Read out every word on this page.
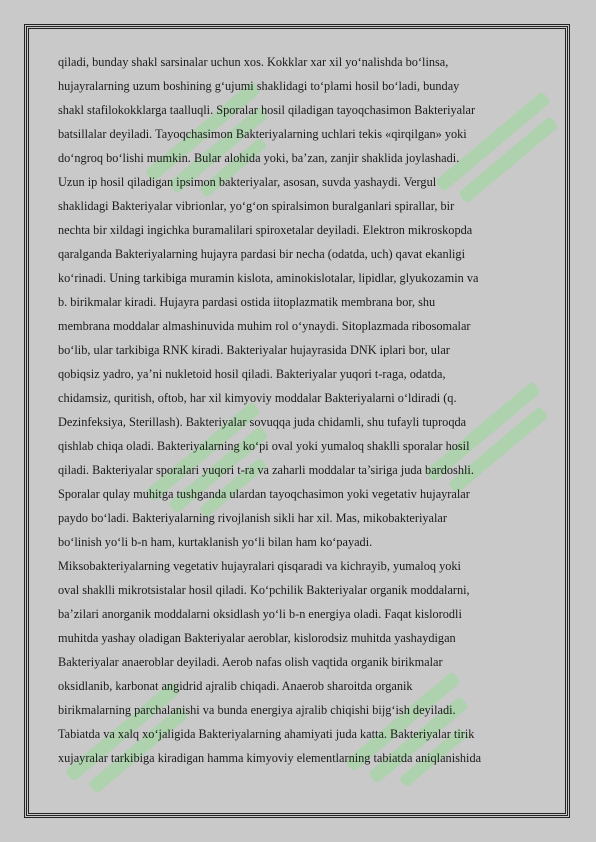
qiladi, bunday shakl sarsinalar uchun xos. Kokklar xar xil yo‘nalishda bo‘linsa,
hujayralarning uzum boshining g‘ujumi shaklidagi to‘plami hosil bo‘ladi, bunday
shakl stafilokokklarga taalluqli. Sporalar hosil qiladigan tayoqchasimon Bakteriyalar
batsillalar deyiladi. Tayoqchasimon Bakteriyalarning uchlari tekis «qirqilgan» yoki
do‘ngroq bo‘lishi mumkin. Bular alohida yoki, ba’zan, zanjir shaklida joylashadi.
Uzun ip hosil qiladigan ipsimon bakteriyalar, asosan, suvda yashaydi. Vergul
shaklidagi Bakteriyalar vibrionlar, yo‘g‘on spiralsimon buralganlari spirallar, bir
nechta bir xildagi ingichka buramalilari spiroxetalar deyiladi. Elektron mikroskopda
qaralganda Bakteriyalarning hujayra pardasi bir necha (odatda, uch) qavat ekanligi
ko‘rinadi. Uning tarkibiga muramin kislota, aminokislotalar, lipidlar, glyukozamin va
b. birikmalar kiradi. Hujayra pardasi ostida iitoplazmatik membrana bor, shu
membrana moddalar almashinuvida muhim rol o‘ynaydi. Sitoplazmada ribosomalar
bo‘lib, ular tarkibiga RNK kiradi. Bakteriyalar hujayrasida DNK iplari bor, ular
qobiqsiz yadro, ya’ni nukletoid hosil qiladi. Bakteriyalar yuqori t-raga, odatda,
chidamsiz, quritish, oftob, har xil kimyoviy moddalar Bakteriyalarni o‘ldiradi (q.
Dezinfeksiya, Sterillash). Bakteriyalar sovuqqa juda chidamli, shu tufayli tuproqda
qishlab chiqa oladi. Bakteriyalarning ko‘pi oval yoki yumaloq shaklli sporalar hosil
qiladi. Bakteriyalar sporalari yuqori t-ra va zaharli moddalar ta’siriga juda bardoshli.
Sporalar qulay muhitga tushganda ulardan tayoqchasimon yoki vegetativ hujayralar
paydo bo‘ladi. Bakteriyalarning rivojlanish sikli har xil. Mas, mikobakteriyalar
bo‘linish yo‘li b-n ham, kurtaklanish yo‘li bilan ham ko‘payadi.
Miksobakteriyalarning vegetativ hujayralari qisqaradi va kichrayib, yumaloq yoki
oval shaklli mikrotsistalar hosil qiladi. Ko‘pchilik Bakteriyalar organik moddalarni,
ba’zilari anorganik moddalarni oksidlash yo‘li b-n energiya oladi. Faqat kislorodli
muhitda yashay oladigan Bakteriyalar aeroblar, kislorodsiz muhitda yashaydigan
Bakteriyalar anaeroblar deyiladi. Aerob nafas olish vaqtida organik birikmalar
oksidlanib, karbonat angidrid ajralib chiqadi. Anaerob sharoitda organik
birikmalarning parchalanishi va bunda energiya ajralib chiqishi bijg‘ish deyiladi.
Tabiatda va xalq xo‘jaligida Bakteriyalarning ahamiyati juda katta. Bakteriyalar tirik
xujayralar tarkibiga kiradigan hamma kimyoviy elementlarning tabiatda aniqlanishida
